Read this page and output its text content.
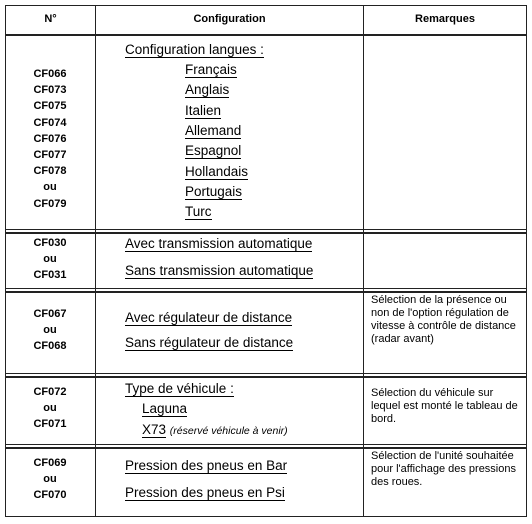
N°	Configuration	Remarques
CF066
CF073
CF075
CF074
CF076
CF077
CF078
ou
CF079
Configuration langues :
Français
Anglais
Italien
Allemand
Espagnol
Hollandais
Portugais
Turc
CF030
ou
CF031
Avec transmission automatique
Sans transmission automatique
CF067
ou
CF068
Avec régulateur de distance
Sans régulateur de distance
Sélection de la présence ou non de l'option régulation de vitesse à contrôle de distance (radar avant)
CF072
ou
CF071
Type de véhicule :
Laguna
X73 (réservé véhicule à venir)
Sélection du véhicule sur lequel est monté le tableau de bord.
CF069
ou
CF070
Pression des pneus en Bar
Pression des pneus en Psi
Sélection de l'unité souhaitée pour l'affichage des pressions des roues.
